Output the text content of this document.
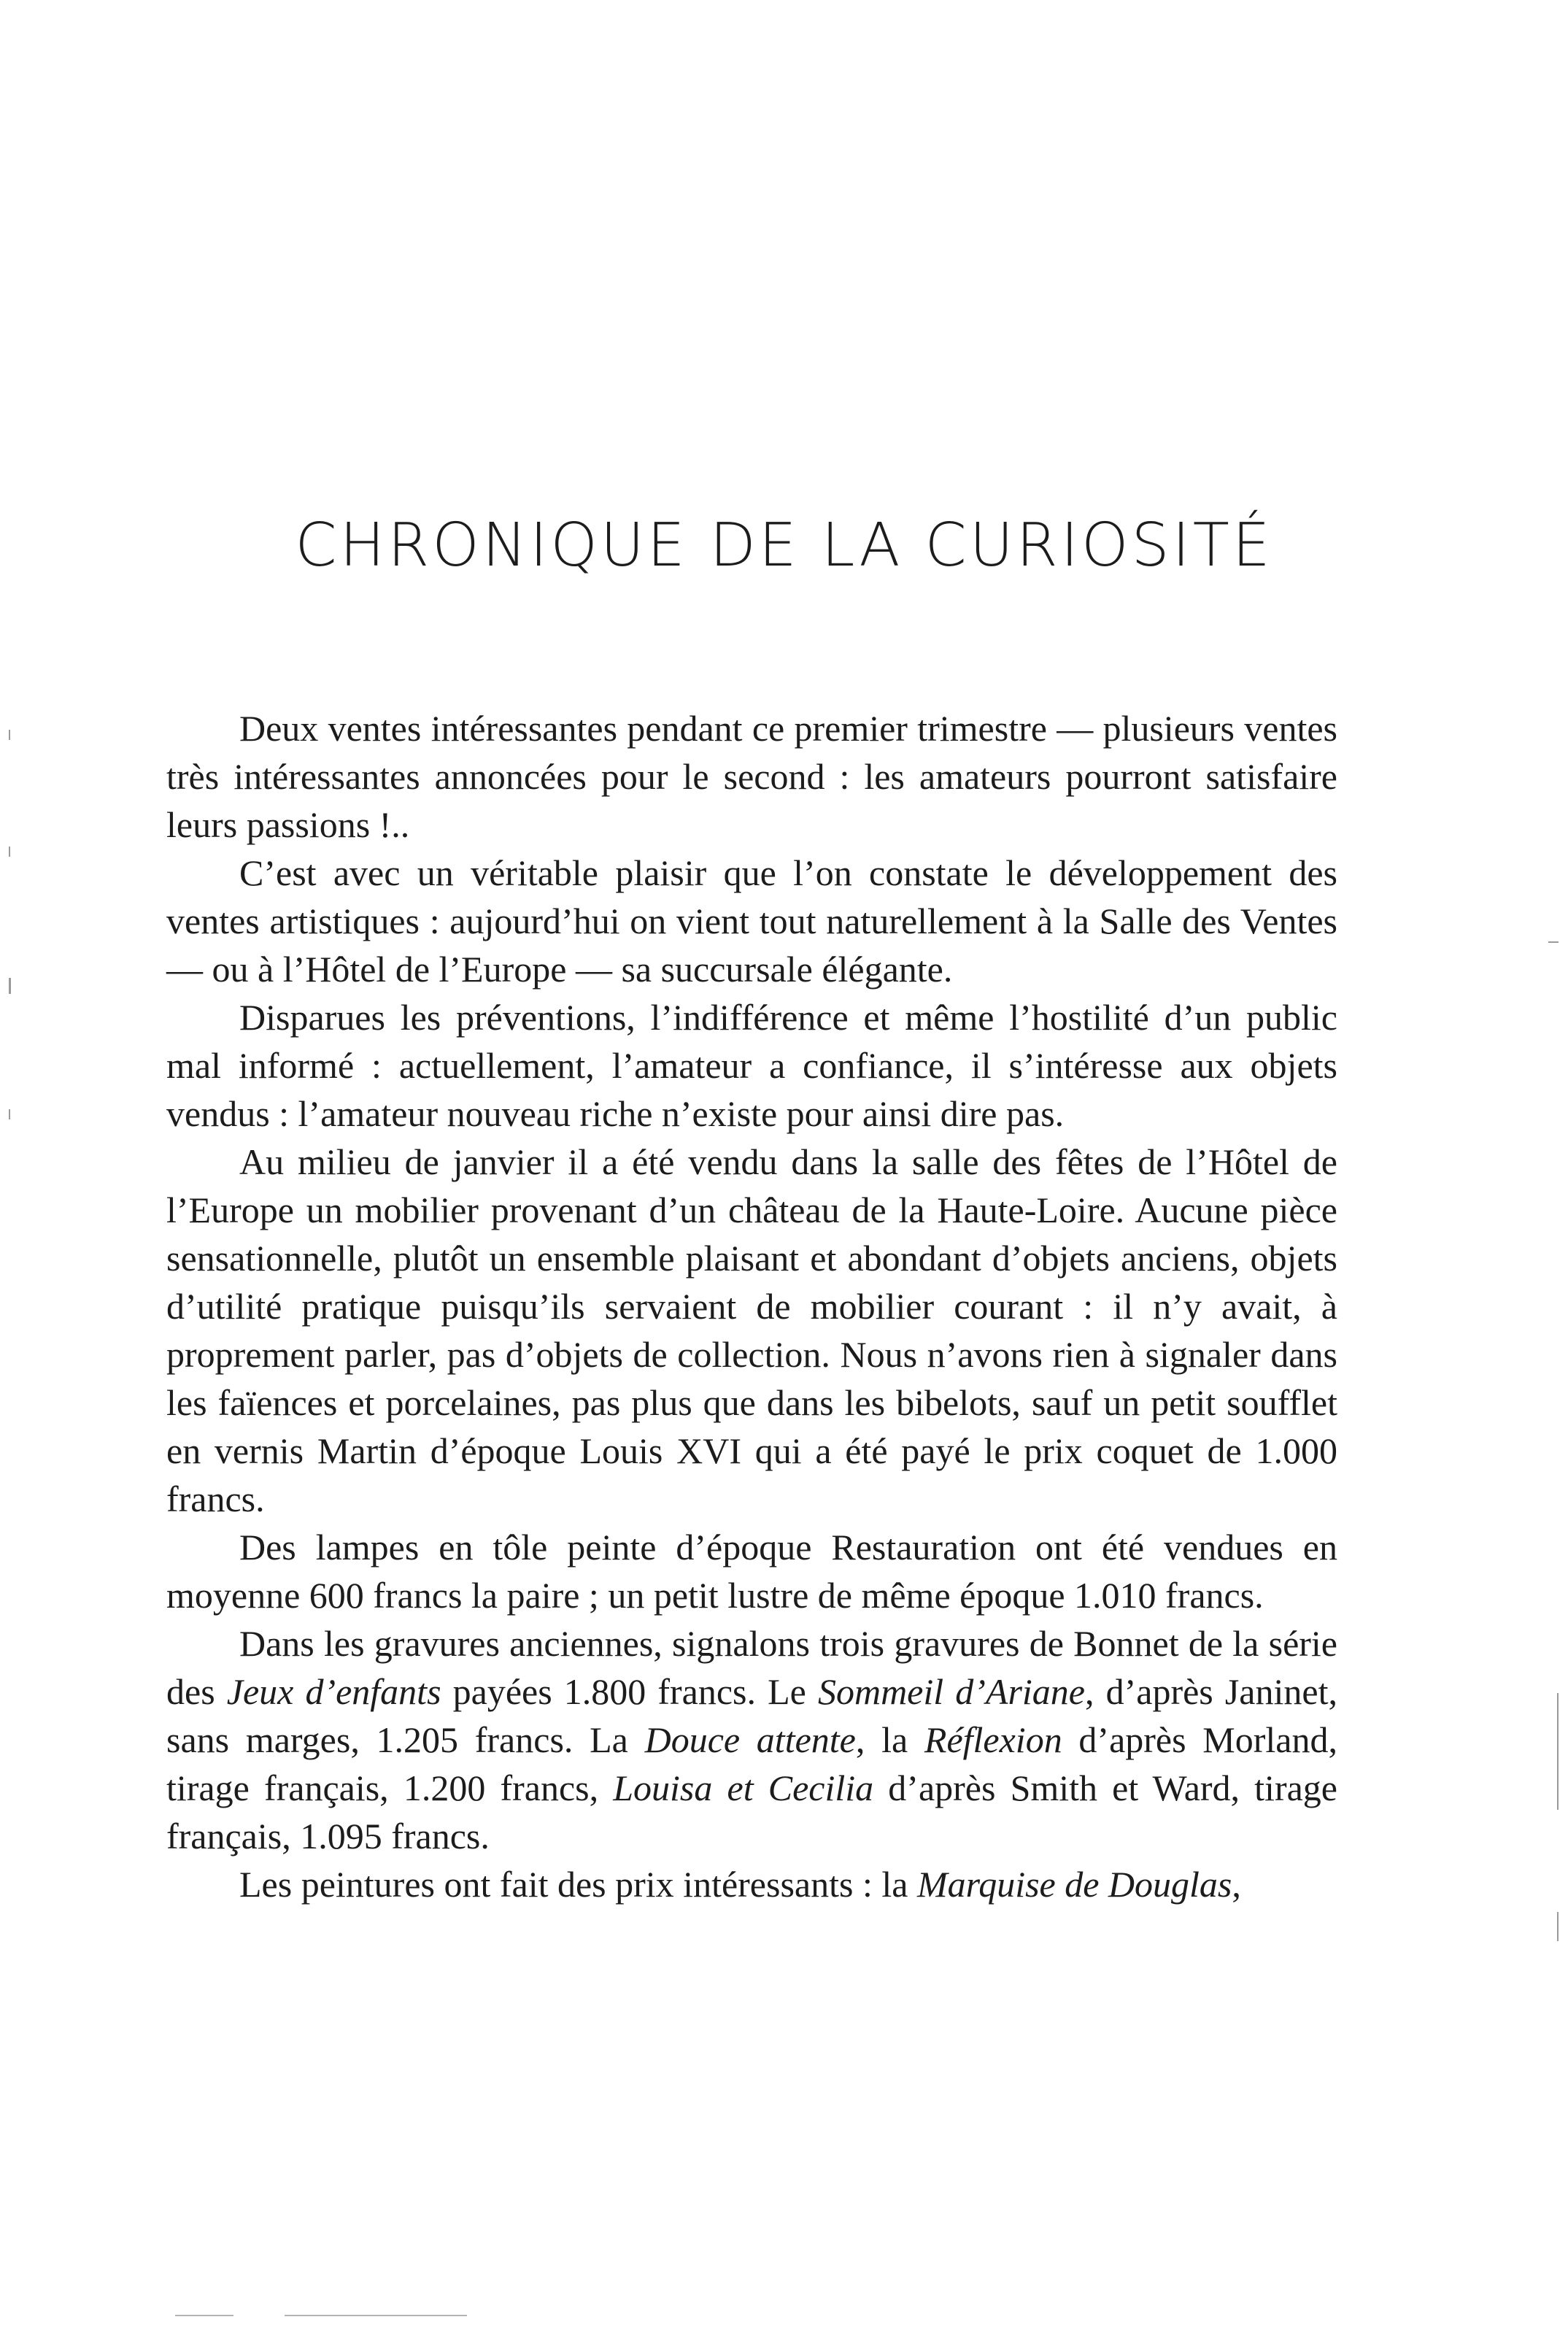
CHRONIQUE DE LA CURIOSITÉ

Deux ventes intéressantes pendant ce premier trimestre — plusieurs ventes très intéressantes annoncées pour le second : les amateurs pourront satisfaire leurs passions !..

C’est avec un véritable plaisir que l’on constate le développement des ventes artistiques : aujourd’hui on vient tout naturellement à la Salle des Ventes — ou à l’Hôtel de l’Europe — sa succursale élégante.

Disparues les préventions, l’indifférence et même l’hostilité d’un public mal informé : actuellement, l’amateur a confiance, il s’intéresse aux objets vendus : l’amateur nouveau riche n’existe pour ainsi dire pas.

Au milieu de janvier il a été vendu dans la salle des fêtes de l’Hôtel de l’Europe un mobilier provenant d’un château de la Haute-Loire. Aucune pièce sensationnelle, plutôt un ensemble plaisant et abondant d’objets anciens, objets d’utilité pratique puisqu’ils servaient de mobilier courant : il n’y avait, à proprement parler, pas d’objets de collection. Nous n’avons rien à signaler dans les faïences et porcelaines, pas plus que dans les bibelots, sauf un petit soufflet en vernis Martin d’époque Louis XVI qui a été payé le prix coquet de 1.000 francs.

Des lampes en tôle peinte d’époque Restauration ont été vendues en moyenne 600 francs la paire ; un petit lustre de même époque 1.010 francs.

Dans les gravures anciennes, signalons trois gravures de Bonnet de la série des Jeux d’enfants payées 1.800 francs. Le Sommeil d’Ariane, d’après Janinet, sans marges, 1.205 francs. La Douce attente, la Réflexion d’après Morland, tirage français, 1.200 francs, Louisa et Cecilia d’après Smith et Ward, tirage français, 1.095 francs.

Les peintures ont fait des prix intéressants : la Marquise de Douglas,
